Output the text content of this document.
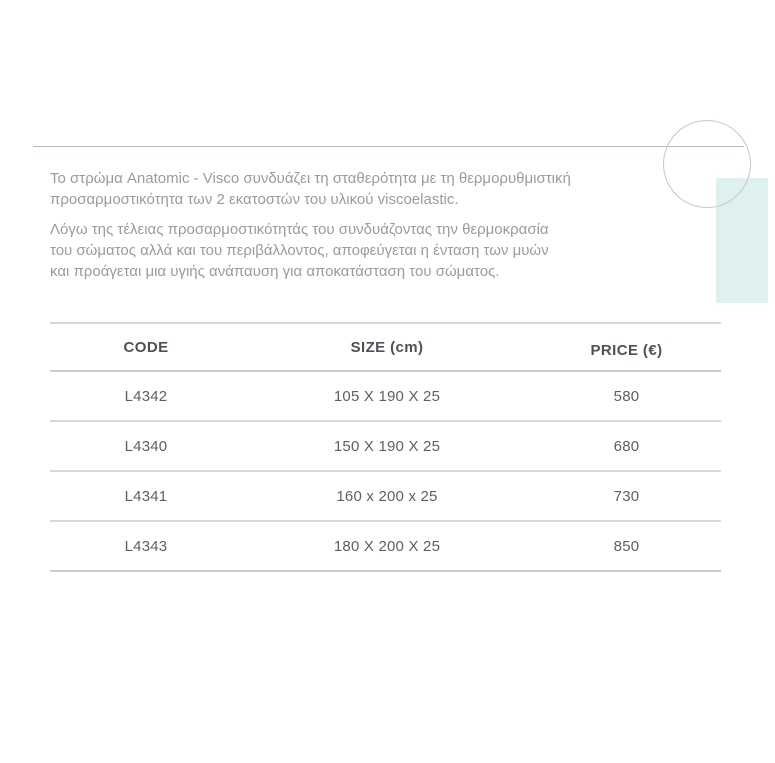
Το στρώμα Anatomic - Visco συνδυάζει τη σταθερότητα με τη θερμορυθμιστική
προσαρμοστικότητα των 2 εκατοστών του υλικού viscoelastic.
Λόγω της τέλειας προσαρμοστικότητάς του συνδυάζοντας την θερμοκρασία
του σώματος αλλά και του περιβάλλοντος, αποφεύγεται η ένταση των μυών
και προάγεται μια υγιής ανάπαυση για αποκατάσταση του σώματος.
CODE	SIZE (cm)	PRICE (€)
L4342	105 X 190 X 25	580
L4340	150 X 190 X 25	680
L4341	160 x 200 x 25	730
L4343	180 X 200 X 25	850
